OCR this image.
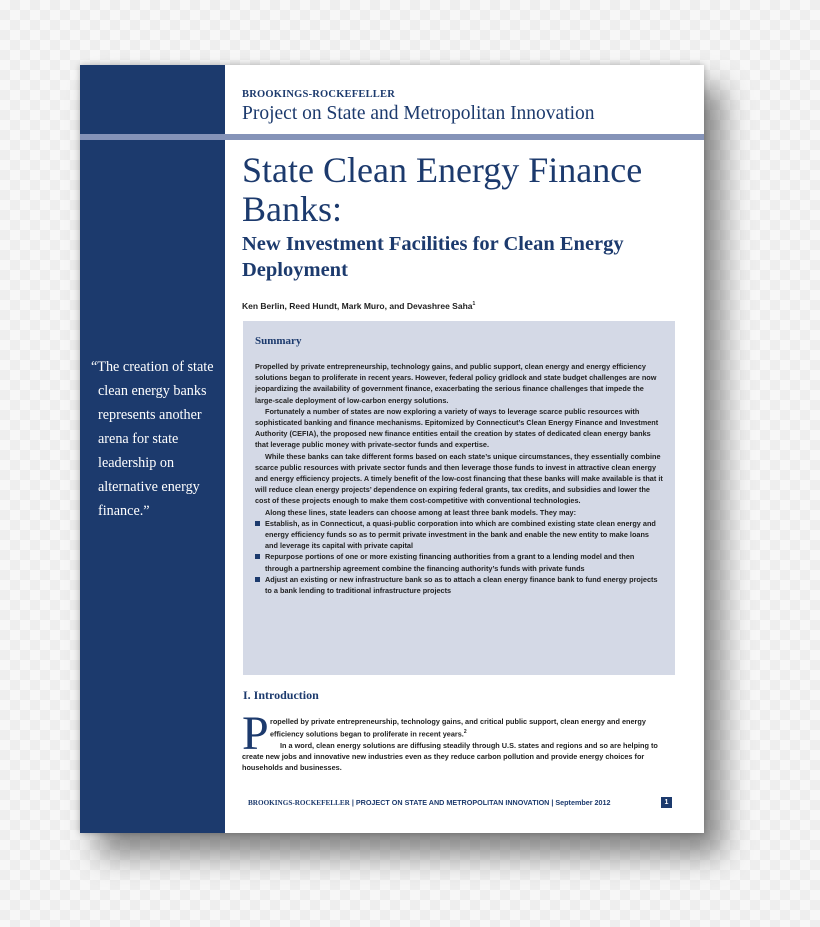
“The creation of state clean energy banks represents another arena for state leadership on alternative energy finance.”
BROOKINGS-ROCKEFELLER
Project on State and Metropolitan Innovation
State Clean Energy Finance Banks:
New Investment Facilities for Clean Energy Deployment
Ken Berlin, Reed Hundt, Mark Muro, and Devashree Saha$^1$
Summary

Propelled by private entrepreneurship, technology gains, and public support, clean energy and energy efficiency solutions began to proliferate in recent years. However, federal policy gridlock and state budget challenges are now jeopardizing the availability of government finance, exacerbating the serious finance challenges that impede the large-scale deployment of low-carbon energy solutions.

Fortunately a number of states are now exploring a variety of ways to leverage scarce public resources with sophisticated banking and finance mechanisms. Epitomized by Connecticut’s Clean Energy Finance and Investment Authority (CEFIA), the proposed new finance entities entail the creation by states of dedicated clean energy banks that leverage public money with private-sector funds and expertise.

While these banks can take different forms based on each state’s unique circumstances, they essentially combine scarce public resources with private sector funds and then leverage those funds to invest in attractive clean energy and energy efficiency projects. A timely benefit of the low-cost financing that these banks will make available is that it will reduce clean energy projects’ dependence on expiring federal grants, tax credits, and subsidies and lower the cost of these projects enough to make them cost-competitive with conventional technologies.

Along these lines, state leaders can choose among at least three bank models. They may:

Establish, as in Connecticut, a quasi-public corporation into which are combined existing state clean energy and energy efficiency funds so as to permit private investment in the bank and enable the new entity to make loans and leverage its capital with private capital
Repurpose portions of one or more existing financing authorities from a grant to a lending model and then through a partnership agreement combine the financing authority’s funds with private funds
Adjust an existing or new infrastructure bank so as to attach a clean energy finance bank to fund energy projects to a bank lending to traditional infrastructure projects
I. Introduction
P ropelled by private entrepreneurship, technology gains, and critical public support, clean energy and energy efficiency solutions began to proliferate in recent years.$^2$

In a word, clean energy solutions are diffusing steadily through U.S. states and regions and so are helping to create new jobs and innovative new industries even as they reduce carbon pollution and provide energy choices for households and businesses.

BROOKINGS-ROCKEFELLER | PROJECT ON STATE AND METROPOLITAN INNOVATION | September 2012	1
